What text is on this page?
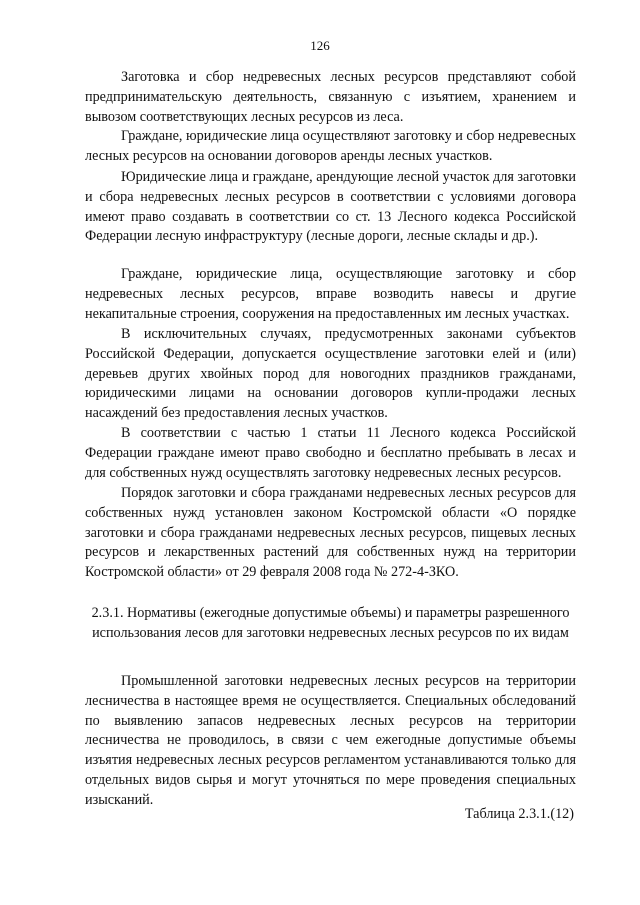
126

Заготовка и сбор недревесных лесных ресурсов представляют собой предпринимательскую деятельность, связанную с изъятием, хранением и вывозом соответствующих лесных ресурсов из леса.

Граждане, юридические лица осуществляют заготовку и сбор недревесных лесных ресурсов на основании договоров аренды лесных участков.

Юридические лица и граждане, арендующие лесной участок для заготовки и сбора недревесных лесных ресурсов в соответствии с условиями договора имеют право создавать в соответствии со ст. 13 Лесного кодекса Российской Федерации лесную инфраструктуру (лесные дороги, лесные склады и др.).

Граждане, юридические лица, осуществляющие заготовку и сбор недревесных лесных ресурсов, вправе возводить навесы и другие некапитальные строения, сооружения на предоставленных им лесных участках.

В исключительных случаях, предусмотренных законами субъектов Российской Федерации, допускается осуществление заготовки елей и (или) деревьев других хвойных пород для новогодних праздников гражданами, юридическими лицами на основании договоров купли-продажи лесных насаждений без предоставления лесных участков.

В соответствии с частью 1 статьи 11 Лесного кодекса Российской Федерации граждане имеют право свободно и бесплатно пребывать в лесах и для собственных нужд осуществлять заготовку недревесных лесных ресурсов.

Порядок заготовки и сбора гражданами недревесных лесных ресурсов для собственных нужд установлен законом Костромской области «О порядке заготовки и сбора гражданами недревесных лесных ресурсов, пищевых лесных ресурсов и лекарственных растений для собственных нужд на территории Костромской области» от 29 февраля 2008 года № 272-4-ЗКО.

2.3.1. Нормативы (ежегодные допустимые объемы) и параметры разрешенного использования лесов для заготовки недревесных лесных ресурсов по их видам

Промышленной заготовки недревесных лесных ресурсов на территории лесничества в настоящее время не осуществляется. Специальных обследований по выявлению запасов недревесных лесных ресурсов на территории лесничества не проводилось, в связи с чем ежегодные допустимые объемы изъятия недревесных лесных ресурсов регламентом устанавливаются только для отдельных видов сырья и могут уточняться по мере проведения специальных изысканий.

Таблица 2.3.1.(12)
